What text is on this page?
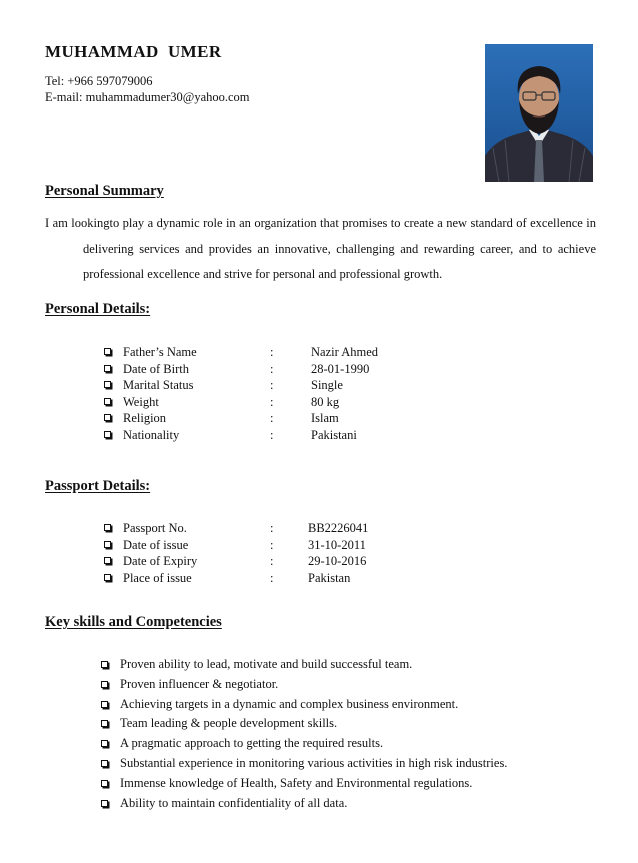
MUHAMMAD  UMER
Tel: +966 597079006
E-mail: muhammadumer30@yahoo.com
Personal Summary
I am lookingto play a dynamic role in an organization that promises to create a new standard of excellence in
delivering services and provides an innovative, challenging and rewarding career, and to achieve
professional excellence and strive for personal and professional growth.
Personal Details:
Father’s Name	:	Nazir Ahmed
Date of Birth	:	28-01-1990
Marital Status	:	Single
Weight	:	80 kg
Religion	:	Islam
Nationality	:	Pakistani
Passport Details:
Passport No.	:	BB2226041
Date of issue	:	31-10-2011
Date of Expiry	:	29-10-2016
Place of issue	:	Pakistan
Key skills and Competencies
Proven ability to lead, motivate and build successful team.
Proven influencer & negotiator.
Achieving targets in a dynamic and complex business environment.
Team leading & people development skills.
A pragmatic approach to getting the required results.
Substantial experience in monitoring various activities in high risk industries.
Immense knowledge of Health, Safety and Environmental regulations.
Ability to maintain confidentiality of all data.
